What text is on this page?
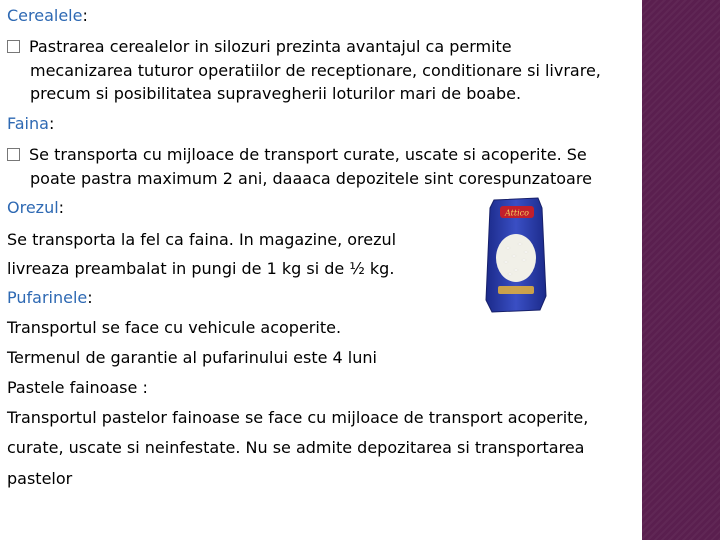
Cerealele:
Pastrarea cerealelor in silozuri prezinta avantajul ca permite
mecanizarea tuturor operatiilor de receptionare, conditionare si livrare,
precum si posibilitatea supravegherii loturilor mari de boabe.
Faina:
Se transporta cu mijloace de transport curate, uscate si acoperite. Se
poate pastra maximum 2 ani, daaaca depozitele sint corespunzatoare
Orezul:
Se transporta la fel ca faina. In magazine, orezul
livreaza preambalat in pungi de 1 kg si de ½ kg.
Pufarinele:
Transportul se face cu vehicule acoperite.
Termenul de garantie al pufarinului este 4 luni
Pastele fainoase :
Transportul pastelor fainoase se face cu mijloace de transport acoperite,
curate, uscate si neinfestate. Nu se admite depozitarea si transportarea
pastelor
Attico
